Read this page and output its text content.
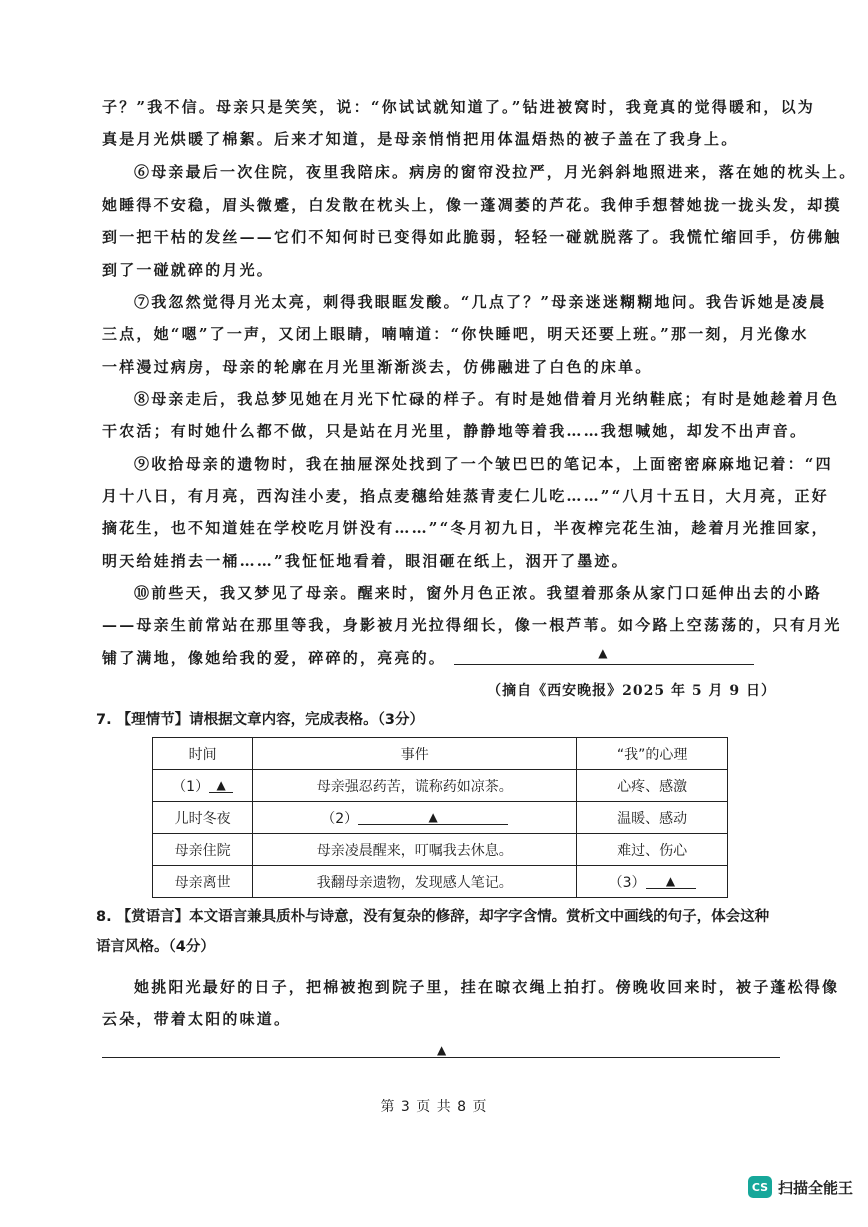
子？”我不信。母亲只是笑笑，说：“你试试就知道了。”钻进被窝时，我竟真的觉得暖和，以为
真是月光烘暖了棉絮。后来才知道，是母亲悄悄把用体温焐热的被子盖在了我身上。
⑥母亲最后一次住院，夜里我陪床。病房的窗帘没拉严，月光斜斜地照进来，落在她的枕头上。
她睡得不安稳，眉头微蹙，白发散在枕头上，像一蓬凋萎的芦花。我伸手想替她拢一拢头发，却摸
到一把干枯的发丝——它们不知何时已变得如此脆弱，轻轻一碰就脱落了。我慌忙缩回手，仿佛触
到了一碰就碎的月光。
⑦我忽然觉得月光太亮，刺得我眼眶发酸。“几点了？”母亲迷迷糊糊地问。我告诉她是凌晨
三点，她“嗯”了一声，又闭上眼睛，喃喃道：“你快睡吧，明天还要上班。”那一刻，月光像水
一样漫过病房，母亲的轮廓在月光里渐渐淡去，仿佛融进了白色的床单。
⑧母亲走后，我总梦见她在月光下忙碌的样子。有时是她借着月光纳鞋底；有时是她趁着月色
干农活；有时她什么都不做，只是站在月光里，静静地等着我……我想喊她，却发不出声音。
⑨收拾母亲的遗物时，我在抽屉深处找到了一个皱巴巴的笔记本，上面密密麻麻地记着：“四
月十八日，有月亮，西沟洼小麦，掐点麦穗给娃蒸青麦仁儿吃……”“八月十五日，大月亮，正好
摘花生，也不知道娃在学校吃月饼没有……”“冬月初九日，半夜榨完花生油，趁着月光推回家，
明天给娃捎去一桶……”我怔怔地看着，眼泪砸在纸上，洇开了墨迹。
⑩前些天，我又梦见了母亲。醒来时，窗外月色正浓。我望着那条从家门口延伸出去的小路
——母亲生前常站在那里等我，身影被月光拉得细长，像一根芦苇。如今路上空荡荡的，只有月光
铺了满地，像她给我的爱，碎碎的，亮亮的。	▲
（摘自《西安晚报》2025 年 5 月 9 日）
7. 【理情节】请根据文章内容，完成表格。（3分）
时间	事件	“我”的心理
（1） ▲	母亲强忍药苦，谎称药如凉茶。	心疼、感激
儿时冬夜	（2） ▲	温暖、感动
母亲住院	母亲凌晨醒来，叮嘱我去休息。	难过、伤心
母亲离世	我翻母亲遗物，发现感人笔记。	（3） ▲
8. 【赏语言】本文语言兼具质朴与诗意，没有复杂的修辞，却字字含情。赏析文中画线的句子，体会这种
语言风格。（4分）
她挑阳光最好的日子，把棉被抱到院子里，挂在晾衣绳上拍打。傍晚收回来时，被子蓬松得像
云朵，带着太阳的味道。
▲
第 3 页 共 8 页
CS 扫描全能王
